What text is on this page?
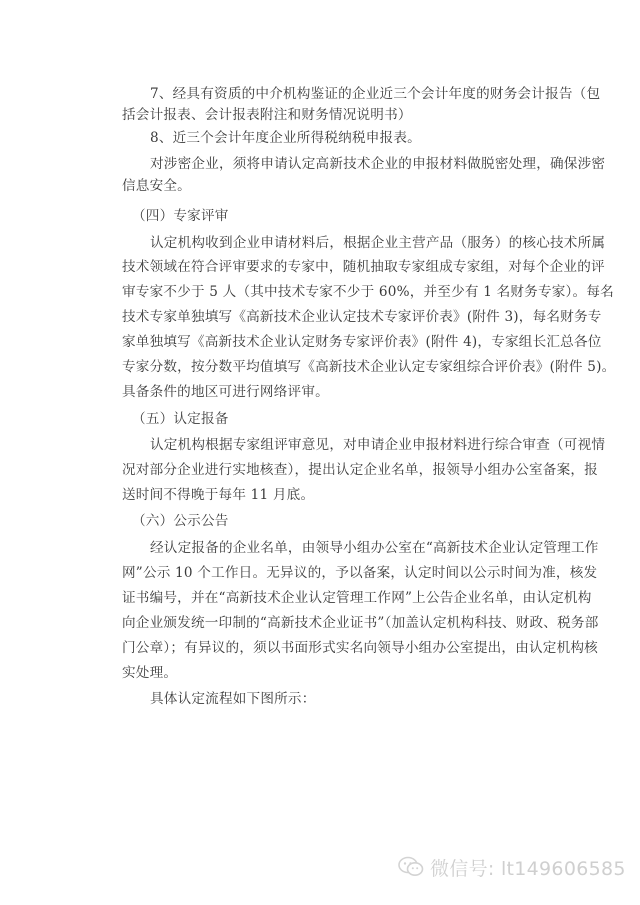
7、经具有资质的中介机构鉴证的企业近三个会计年度的财务会计报告（包
括会计报表、会计报表附注和财务情况说明书）
8、近三个会计年度企业所得税纳税申报表。
对涉密企业，须将申请认定高新技术企业的申报材料做脱密处理，确保涉密
信息安全。
（四）专家评审
认定机构收到企业申请材料后，根据企业主营产品（服务）的核心技术所属
技术领域在符合评审要求的专家中，随机抽取专家组成专家组，对每个企业的评
审专家不少于 5 人（其中技术专家不少于 60%，并至少有 1 名财务专家）。每名
技术专家单独填写《高新技术企业认定技术专家评价表》(附件 3)，每名财务专
家单独填写《高新技术企业认定财务专家评价表》(附件 4)，专家组长汇总各位
专家分数，按分数平均值填写《高新技术企业认定专家组综合评价表》(附件 5)。
具备条件的地区可进行网络评审。
（五）认定报备
认定机构根据专家组评审意见，对申请企业申报材料进行综合审查（可视情
况对部分企业进行实地核查），提出认定企业名单，报领导小组办公室备案，报
送时间不得晚于每年 11 月底。
（六）公示公告
经认定报备的企业名单，由领导小组办公室在“高新技术企业认定管理工作
网”公示 10 个工作日。无异议的，予以备案，认定时间以公示时间为准，核发
证书编号，并在“高新技术企业认定管理工作网”上公告企业名单，由认定机构
向企业颁发统一印制的“高新技术企业证书”（加盖认定机构科技、财政、税务部
门公章）；有异议的，须以书面形式实名向领导小组办公室提出，由认定机构核
实处理。
具体认定流程如下图所示：
微信号: lt149606585
